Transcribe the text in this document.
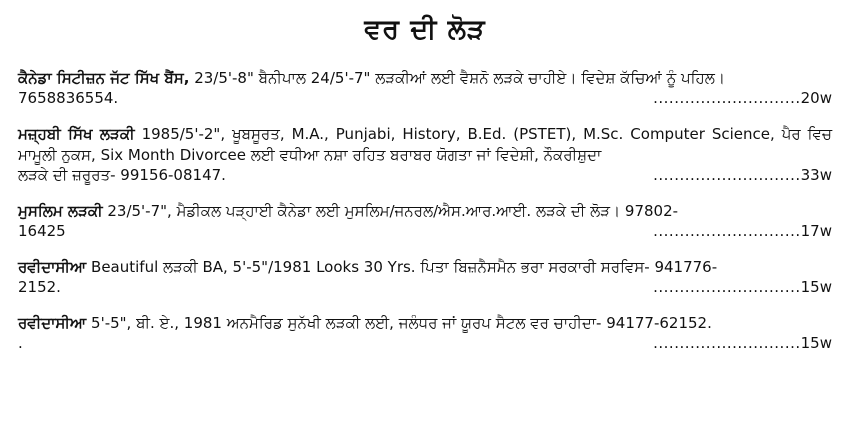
ਵਰ ਦੀ ਲੋੜ

ਕੈਨੇਡਾ ਸਿਟੀਜ਼ਨ ਜੱਟ ਸਿੱਖ ਬੈਂਸ, 23/5'-8" ਬੈਨੀਪਾਲ 24/5'-7" ਲੜਕੀਆਂ ਲਈ ਵੈਸ਼ਨੋ ਲੜਕੇ ਚਾਹੀਏ। ਵਿਦੇਸ਼ ਕੱਚਿਆਂ ਨੂੰ ਪਹਿਲ।

7658836554.	............................20w

ਮਜ਼੍ਹਬੀ ਸਿੱਖ ਲੜਕੀ 1985/5'-2", ਖੂਬਸੂਰਤ, M.A., Punjabi, History, B.Ed. (PSTET), M.Sc. Computer Science, ਪੈਰ ਵਿਚ ਮਾਮੂਲੀ ਨੁਕਸ, Six Month Divorcee ਲਈ ਵਧੀਆ ਨਸ਼ਾ ਰਹਿਤ ਬਰਾਬਰ ਯੋਗਤਾ ਜਾਂ ਵਿਦੇਸ਼ੀ, ਨੌਕਰੀਸ਼ੁਦਾ

ਲੜਕੇ ਦੀ ਜ਼ਰੂਰਤ- 99156-08147.	............................33w

ਮੁਸਲਿਮ ਲੜਕੀ 23/5'-7", ਮੈਡੀਕਲ ਪੜ੍ਹਾਈ ਕੈਨੇਡਾ ਲਈ ਮੁਸਲਿਮ/ਜਨਰਲ/ਐਸ.ਆਰ.ਆਈ. ਲੜਕੇ ਦੀ ਲੋੜ। 97802-

16425	............................17w

ਰਵੀਦਾਸੀਆ Beautiful ਲੜਕੀ BA, 5'-5"/1981 Looks 30 Yrs. ਪਿਤਾ ਬਿਜ਼ਨੈਸਮੈਨ ਭਰਾ ਸਰਕਾਰੀ ਸਰਵਿਸ- 941776-

2152.	............................15w

ਰਵੀਦਾਸੀਆ 5'-5", ਬੀ. ਏ., 1981 ਅਨਮੈਰਿਡ ਸੁਨੱਖੀ ਲੜਕੀ ਲਈ, ਜਲੰਧਰ ਜਾਂ ਯੂਰਪ ਸੈਟਲ ਵਰ ਚਾਹੀਦਾ- 94177-62152.

.	............................15w
